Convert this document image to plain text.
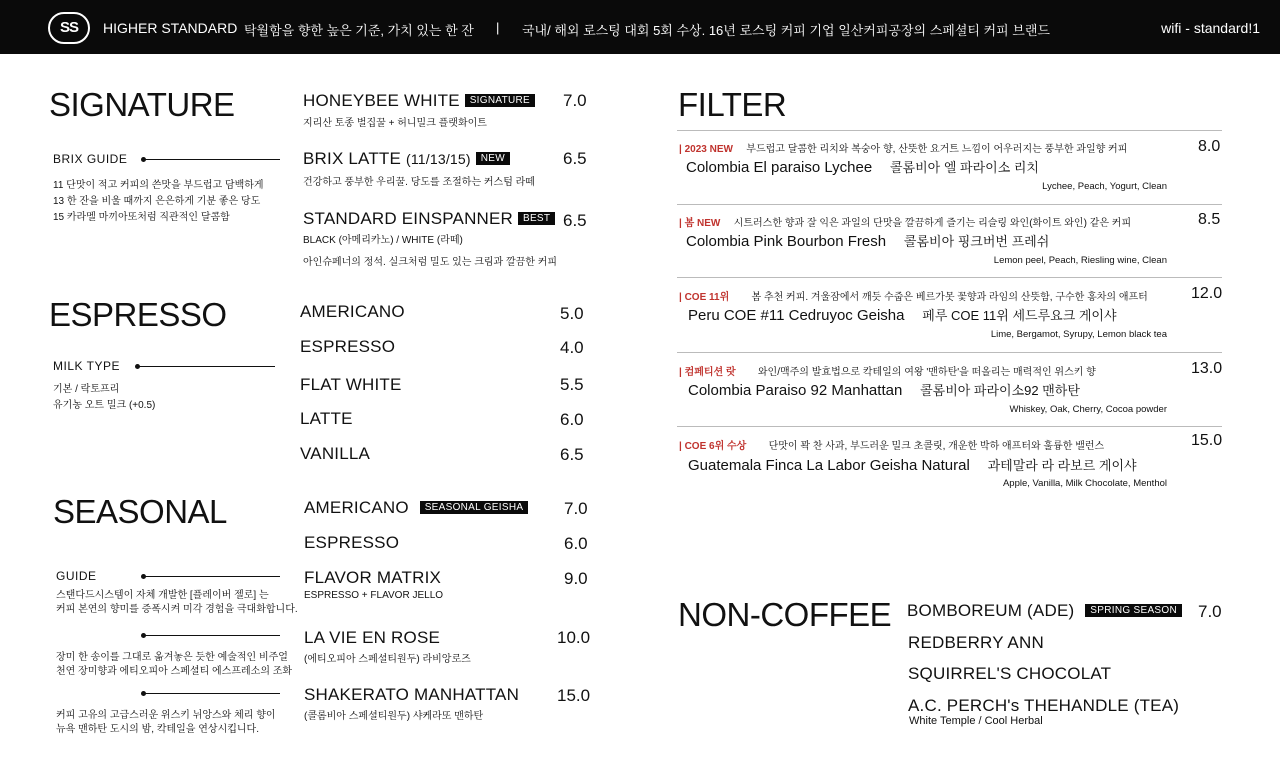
SS	HIGHER STANDARD 탁월함을 향한 높은 기준, 가치 있는 한 잔 | 국내/ 해외 로스팅 대회 5회 수상. 16년 로스팅 커피 기업 일산커피공장의 스페셜티 커피 브랜드	wifi - standard!1
SIGNATURE
BRIX GUIDE
11 단맛이 적고 커피의 쓴맛을 부드럽고 담백하게
13 한 잔을 비울 때까지 은은하게 기분 좋은 당도
15 카라멜 마끼아또처럼 직관적인 달콤함
HONEYBEE WHITE SIGNATURE 7.0
지리산 토종 벌집꿀 + 허니밀크 플랫화이트
BRIX LATTE (11/13/15) NEW	6.5
건강하고 풍부한 우리꿀. 당도를 조절하는 커스텀 라떼
STANDARD EINSPANNER BEST 6.5
BLACK (아메리카노) / WHITE (라떼)
아인슈페너의 정석. 실크처럼 밀도 있는 크림과 깔끔한 커피
ESPRESSO
MILK TYPE
기본 / 락토프리
유기농 오트 밀크 (+0.5)
AMERICANO	5.0
ESPRESSO	4.0
FLAT WHITE	5.5
LATTE	6.0
VANILLA	6.5
SEASONAL
GUIDE
스탠다드시스템이 자체 개발한 [플레이버 젤로] 는
커피 본연의 향미를 증폭시켜 미각 경험을 극대화합니다.
장미 한 송이를 그대로 옮겨놓은 듯한 예술적인 비주얼
천연 장미향과 에티오피아 스페셜티 에스프레소의 조화
커피 고유의 고급스러운 위스키 뉘앙스와 체리 향이
뉴욕 맨하탄 도시의 밤, 칵테일을 연상시킵니다.
AMERICANO SEASONAL GEISHA 7.0
ESPRESSO	6.0
FLAVOR MATRIX	9.0
ESPRESSO + FLAVOR JELLO
LA VIE EN ROSE	10.0
(에티오피아 스페셜티원두) 라비앙로즈
SHAKERATO MANHATTAN 15.0
(콜롬비아 스페셜티원두) 샤케라또 맨하탄
FILTER
| 2023 NEW 부드럽고 달콤한 리치와 복숭아 향, 산뜻한 요거트 느낌이 어우러지는 풍부한 과일향 커피	8.0
Colombia El paraiso Lychee 콜롬비아 엘 파라이소 리치
Lychee, Peach, Yogurt, Clean
| 봄 NEW 시트러스한 향과 잘 익은 과일의 단맛을 깔끔하게 즐기는 리슬링 와인(화이트 와인) 같은 커피	8.5
Colombia Pink Bourbon Fresh 콜롬비아 핑크버번 프레쉬
Lemon peel, Peach, Riesling wine, Clean
| COE 11위 봄 추천 커피. 겨울잠에서 깨듯 수줍은 베르가못 꽃향과 라임의 산뜻함, 구수한 홍차의 애프터	12.0
Peru COE #11 Cedruyoc Geisha 페루 COE 11위 세드루요크 게이샤
Lime, Bergamot, Syrupy, Lemon black tea
| 컴페티션 랏 와인/맥주의 발효법으로 칵테일의 여왕 '맨하탄'을 떠올리는 매력적인 위스키 향	13.0
Colombia Paraiso 92 Manhattan 콜롬비아 파라이소92 맨하탄
Whiskey, Oak, Cherry, Cocoa powder
| COE 6위 수상 단맛이 꽉 찬 사과, 부드러운 밀크 초콜릿, 개운한 박하 애프터와 훌륭한 밸런스	15.0
Guatemala Finca La Labor Geisha Natural 과테말라 라 라보르 게이샤
Apple, Vanilla, Milk Chocolate, Menthol
NON-COFFEE BOMBOREUM (ADE) SPRING SEASON 7.0
REDBERRY ANN
SQUIRREL'S CHOCOLAT
A.C. PERCH's THEHANDLE (TEA)
White Temple / Cool Herbal
